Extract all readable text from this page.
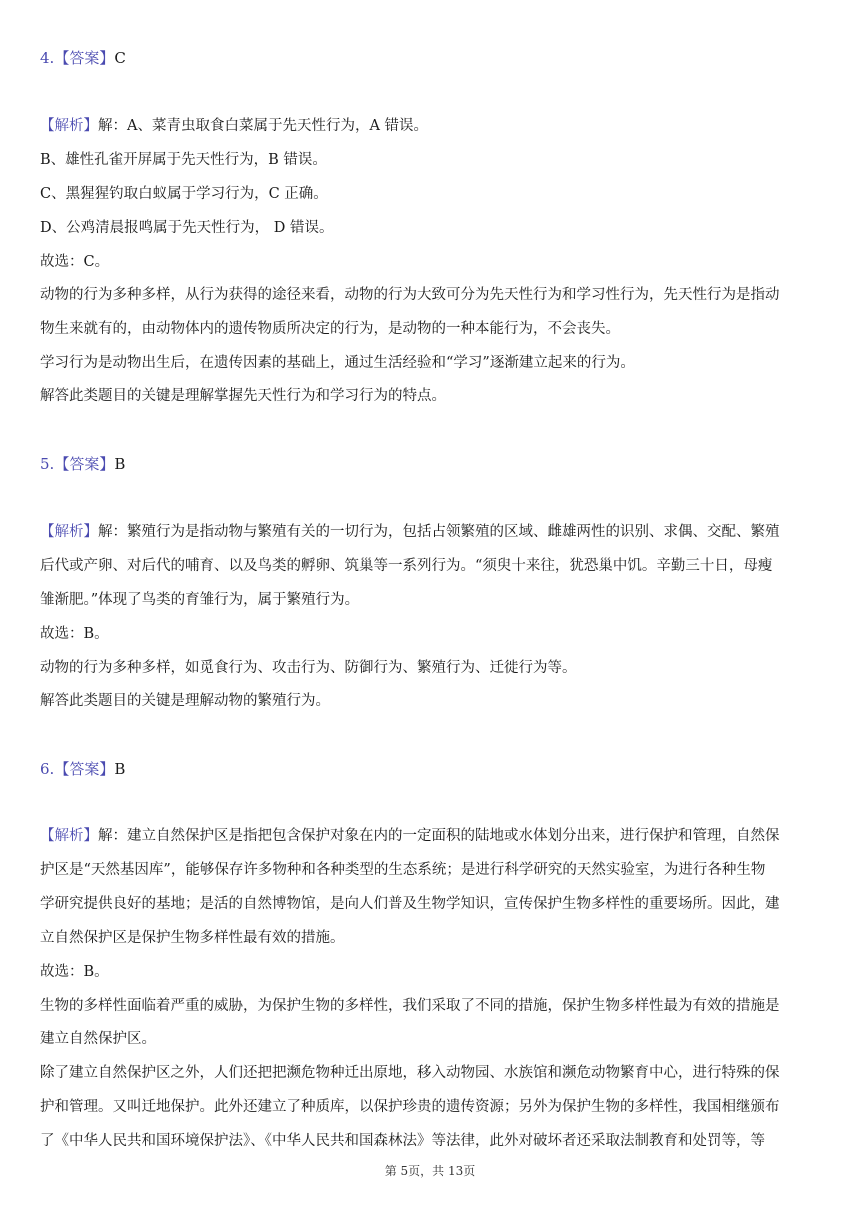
4.【答案】C
【解析】解：A、菜青虫取食白菜属于先天性行为，A 错误。
B、雄性孔雀开屏属于先天性行为，B 错误。
C、黑猩猩钓取白蚁属于学习行为，C 正确。
D、公鸡清晨报鸣属于先天性行为， D 错误。
故选：C。
动物的行为多种多样，从行为获得的途径来看，动物的行为大致可分为先天性行为和学习性行为，先天性行为是指动
物生来就有的，由动物体内的遗传物质所决定的行为，是动物的一种本能行为，不会丧失。
学习行为是动物出生后，在遗传因素的基础上，通过生活经验和“学习”逐渐建立起来的行为。
解答此类题目的关键是理解掌握先天性行为和学习行为的特点。
5.【答案】B
【解析】解：繁殖行为是指动物与繁殖有关的一切行为，包括占领繁殖的区域、雌雄两性的识别、求偶、交配、繁殖
后代或产卵、对后代的哺育、以及鸟类的孵卵、筑巢等一系列行为。“须臾十来往，犹恐巢中饥。辛勤三十日，母瘦
雏渐肥。”体现了鸟类的育雏行为，属于繁殖行为。
故选：B。
动物的行为多种多样，如觅食行为、攻击行为、防御行为、繁殖行为、迁徙行为等。
解答此类题目的关键是理解动物的繁殖行为。
6.【答案】B
【解析】解：建立自然保护区是指把包含保护对象在内的一定面积的陆地或水体划分出来，进行保护和管理，自然保
护区是“天然基因库”，能够保存许多物种和各种类型的生态系统；是进行科学研究的天然实验室，为进行各种生物
学研究提供良好的基地；是活的自然博物馆，是向人们普及生物学知识，宣传保护生物多样性的重要场所。因此，建
立自然保护区是保护生物多样性最有效的措施。
故选：B。
生物的多样性面临着严重的威胁，为保护生物的多样性，我们采取了不同的措施，保护生物多样性最为有效的措施是
建立自然保护区。
除了建立自然保护区之外，人们还把把濒危物种迁出原地，移入动物园、水族馆和濒危动物繁育中心，进行特殊的保
护和管理。又叫迁地保护。此外还建立了种质库，以保护珍贵的遗传资源；另外为保护生物的多样性，我国相继颁布
了《中华人民共和国环境保护法》、《中华人民共和国森林法》等法律，此外对破坏者还采取法制教育和处罚等，等
第 5页，共 13页
